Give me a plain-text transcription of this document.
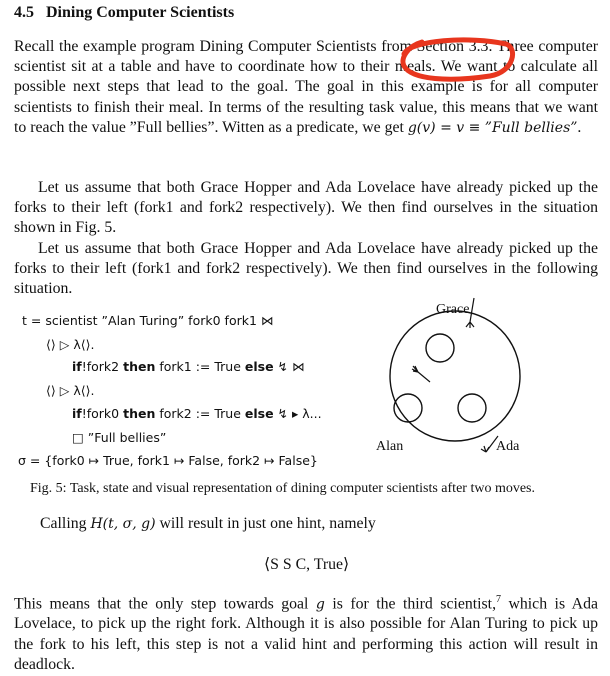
4.5 Dining Computer Scientists

Recall the example program Dining Computer Scientists from Section 3.3. Three computer scientist sit at a table and have to coordinate how to their meals. We want to calculate all possible next steps that lead to the goal. The goal in this example is for all computer scientists to finish their meal. In terms of the resulting task value, this means that we want to reach the value ”Full bellies”. Witten as a predicate, we get g(v) = v ≡ ”Full bellies”.

Let us assume that both Grace Hopper and Ada Lovelace have already picked up the forks to their left (fork1 and fork2 respectively). We then find ourselves in the situation shown in Fig. 5.

Let us assume that both Grace Hopper and Ada Lovelace have already picked up the forks to their left (fork1 and fork2 respectively). We then find ourselves in the following situation.

t = scientist ”Alan Turing” fork0 fork1 ⋈
⟨⟩ ▷ λ⟨⟩.
if!fork2 then fork1 := True else ↯ ⋈
⟨⟩ ▷ λ⟨⟩.
if!fork0 then fork2 := True else ↯ ▸ λ...
□ ”Full bellies”
σ = {fork0 ↦ True, fork1 ↦ False, fork2 ↦ False}
Grace
Alan	Ada
Fig. 5: Task, state and visual representation of dining computer scientists after two moves.
Calling H(t, σ, g) will result in just one hint, namely
⟨S S C, True⟩

This means that the only step towards goal g is for the third scientist,$^7$ which is Ada Lovelace, to pick up the right fork. Although it is also possible for Alan Turing to pick up the fork to his left, this step is not a valid hint and performing this action will result in deadlock.
